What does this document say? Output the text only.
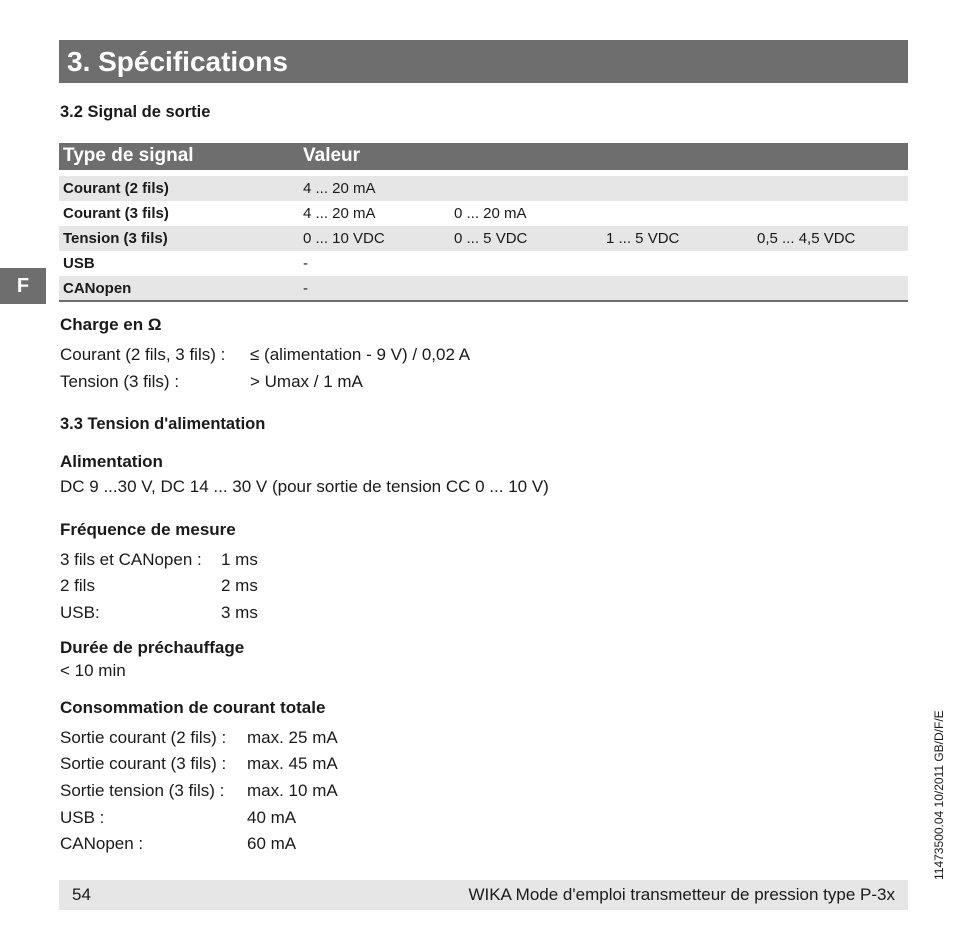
3. Spécifications
F
3.2 Signal de sortie
Type de signal	Valeur
Courant (2 fils)	4 ... 20 mA
Courant (3 fils)	4 ... 20 mA	0 ... 20 mA
Tension (3 fils)	0 ... 10 VDC	0 ... 5 VDC	1 ... 5 VDC	0,5 ... 4,5 VDC
USB	-
CANopen	-
Charge en Ω
Courant (2 fils, 3 fils) : ≤ (alimentation - 9 V) / 0,02 A
Tension (3 fils) :	> Umax / 1 mA
3.3 Tension d'alimentation
Alimentation
DC 9 ...30 V, DC 14 ... 30 V (pour sortie de tension CC 0 ... 10 V)
Fréquence de mesure
3 fils et CANopen : 1 ms
2 fils	2 ms
USB:	3 ms
Durée de préchauffage
< 10 min
Consommation de courant totale
Sortie courant (2 fils) : max. 25 mA
Sortie courant (3 fils) : max. 45 mA
Sortie tension (3 fils) : max. 10 mA
USB :	40 mA
CANopen :	60 mA
54	WIKA Mode d'emploi transmetteur de pression type P-3x
11473500.04 10/2011 GB/D/F/E
